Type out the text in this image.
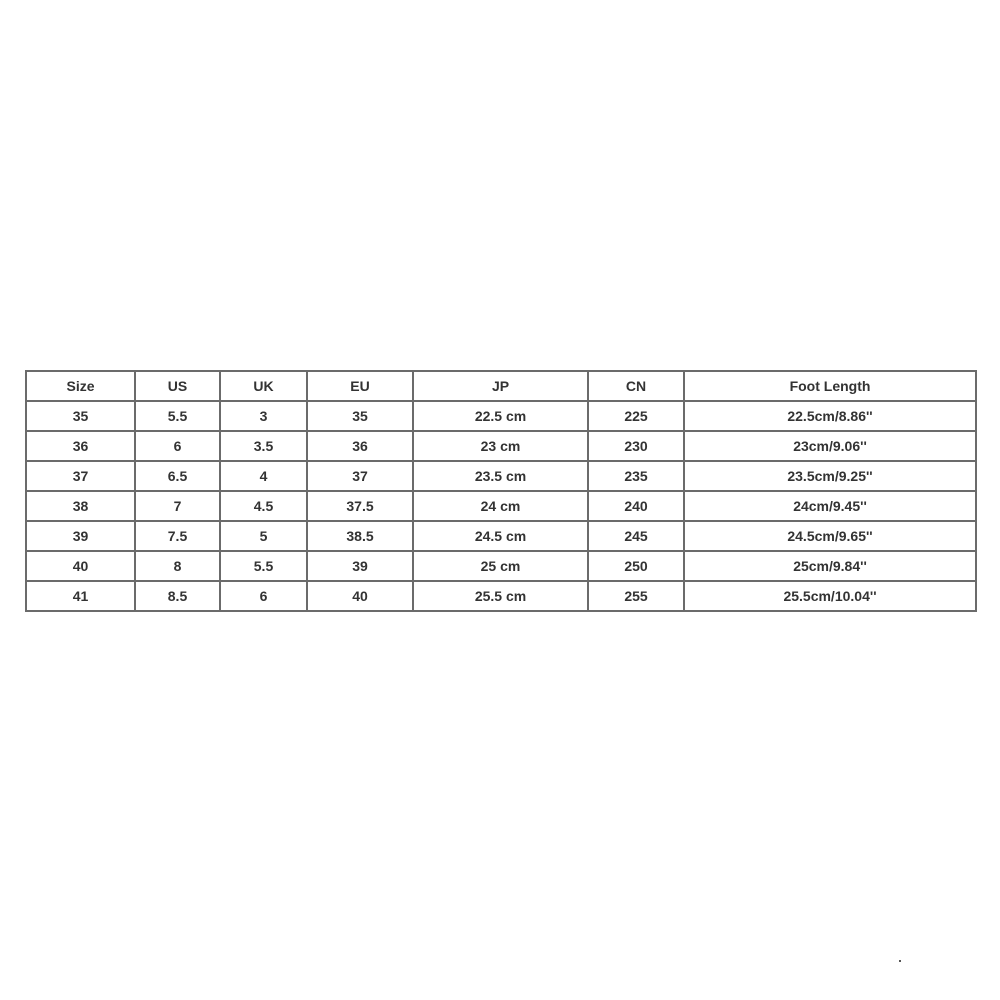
Size	US	UK	EU	JP	CN	Foot Length
35	5.5	3	35	22.5 cm	225	22.5cm/8.86''
36	6	3.5	36	23 cm	230	23cm/9.06''
37	6.5	4	37	23.5 cm	235	23.5cm/9.25''
38	7	4.5	37.5	24 cm	240	24cm/9.45''
39	7.5	5	38.5	24.5 cm	245	24.5cm/9.65''
40	8	5.5	39	25 cm	250	25cm/9.84''
41	8.5	6	40	25.5 cm	255	25.5cm/10.04''
